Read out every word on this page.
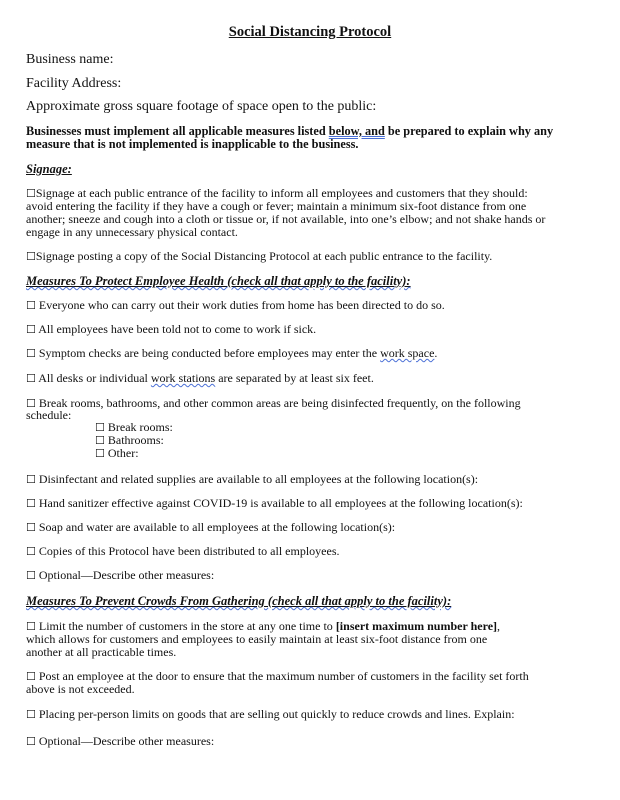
Social Distancing Protocol
Business name:
Facility Address:
Approximate gross square footage of space open to the public:
Businesses must implement all applicable measures listed below, and be prepared to explain why any
measure that is not implemented is inapplicable to the business.
Signage:
☐Signage at each public entrance of the facility to inform all employees and customers that they should:
avoid entering the facility if they have a cough or fever; maintain a minimum six-foot distance from one
another; sneeze and cough into a cloth or tissue or, if not available, into one’s elbow; and not shake hands or
engage in any unnecessary physical contact.
☐Signage posting a copy of the Social Distancing Protocol at each public entrance to the facility.
Measures To Protect Employee Health (check all that apply to the facility):
☐ Everyone who can carry out their work duties from home has been directed to do so.
☐ All employees have been told not to come to work if sick.
☐ Symptom checks are being conducted before employees may enter the work space.
☐ All desks or individual work stations are separated by at least six feet.
☐ Break rooms, bathrooms, and other common areas are being disinfected frequently, on the following
schedule:
☐ Break rooms:
☐ Bathrooms:
☐ Other:
☐ Disinfectant and related supplies are available to all employees at the following location(s):
☐ Hand sanitizer effective against COVID-19 is available to all employees at the following location(s):
☐ Soap and water are available to all employees at the following location(s):
☐ Copies of this Protocol have been distributed to all employees.
☐ Optional—Describe other measures:
Measures To Prevent Crowds From Gathering (check all that apply to the facility):
☐ Limit the number of customers in the store at any one time to [insert maximum number here],
which allows for customers and employees to easily maintain at least six-foot distance from one
another at all practicable times.
☐ Post an employee at the door to ensure that the maximum number of customers in the facility set forth
above is not exceeded.
☐ Placing per-person limits on goods that are selling out quickly to reduce crowds and lines. Explain:
☐ Optional—Describe other measures:
